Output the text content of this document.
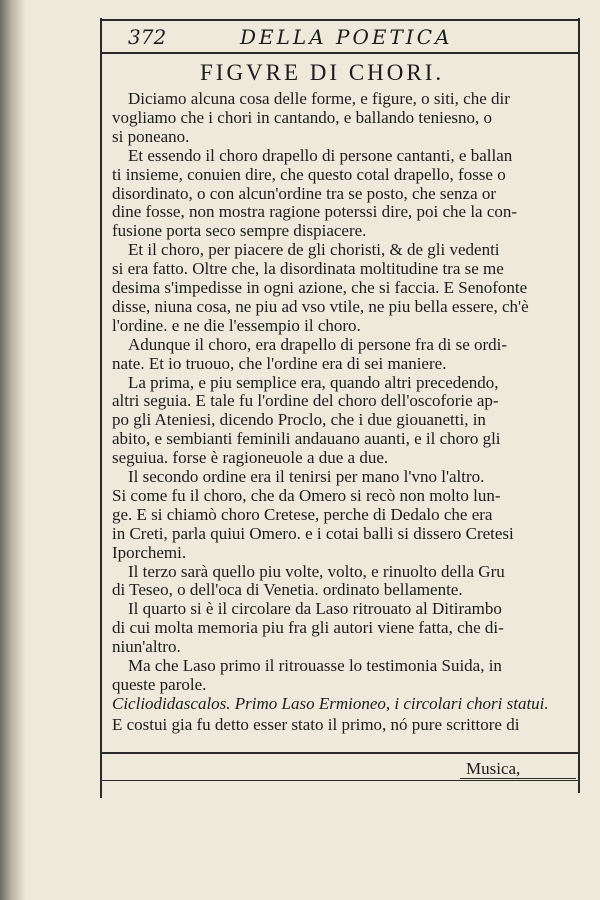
372	DELLA POETICA
FIGVRE DI CHORI.
Diciamo alcuna cosa delle forme, e figure, o siti, che dir
vogliamo che i chori in cantando, e ballando teniesno, o
si poneano.
Et essendo il choro drapello di persone cantanti, e ballan
ti insieme, conuien dire, che questo cotal drapello, fosse o
disordinato, o con alcun'ordine tra se posto, che senza or
dine fosse, non mostra ragione poterssi dire, poi che la con-
fusione porta seco sempre dispiacere.
Et il choro, per piacere de gli choristi, & de gli vedenti
si era fatto. Oltre che, la disordinata moltitudine tra se me
desima s'impedisse in ogni azione, che si faccia. E Senofonte
disse, niuna cosa, ne piu ad vso vtile, ne piu bella essere, ch'è
l'ordine. e ne die l'essempio il choro.
Adunque il choro, era drapello di persone fra di se ordi-
nate. Et io truouo, che l'ordine era di sei maniere.
La prima, e piu semplice era, quando altri precedendo,
altri seguia. E tale fu l'ordine del choro dell'oscoforie ap-
po gli Ateniesi, dicendo Proclo, che i due giouanetti, in
abito, e sembianti feminili andauano auanti, e il choro gli
seguiua. forse è ragioneuole a due a due.
Il secondo ordine era il tenirsi per mano l'vno l'altro.
Si come fu il choro, che da Omero si recò non molto lun-
ge. E si chiamò choro Cretese, perche di Dedalo che era
in Creti, parla quiui Omero. e i cotai balli si dissero Cretesi
Iporchemi.
Il terzo sarà quello piu volte, volto, e rinuolto della Gru
di Teseo, o dell'oca di Venetia. ordinato bellamente.
Il quarto si è il circolare da Laso ritrouato al Ditirambo
di cui molta memoria piu fra gli autori viene fatta, che di-
niun'altro.
Ma che Laso primo il ritrouasse lo testimonia Suida, in
queste parole.
Cicliodidascalos. Primo Laso Ermioneo, i circolari chori statui.
E costui gia fu detto esser stato il primo, nó pure scrittore di
Musica,
